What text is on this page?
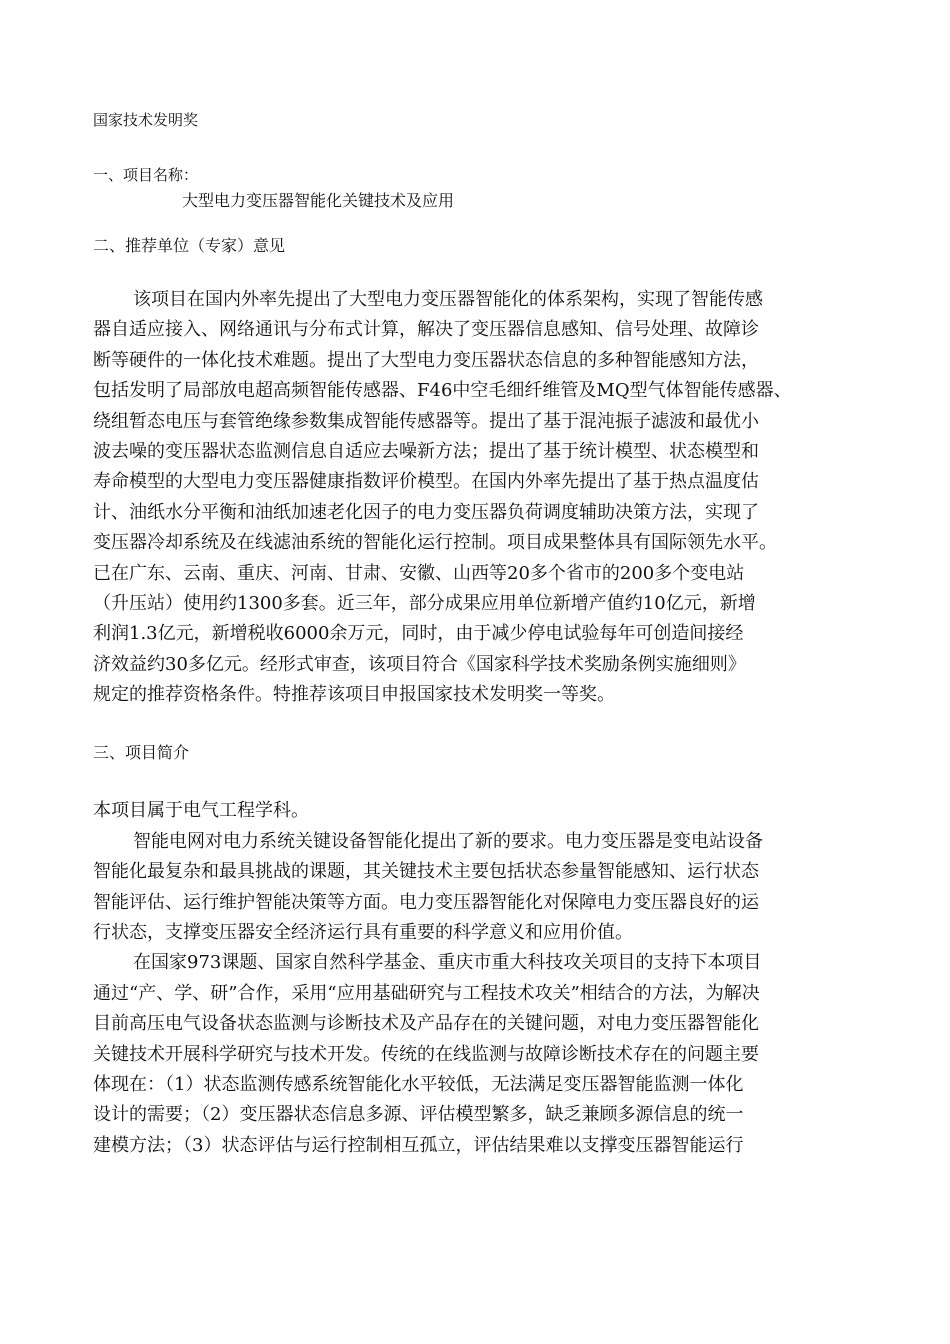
国家技术发明奖

一、项目名称：

大型电力变压器智能化关键技术及应用

二、推荐单位（专家）意见

该项目在国内外率先提出了大型电力变压器智能化的体系架构，实现了智能传感
器自适应接入、网络通讯与分布式计算，解决了变压器信息感知、信号处理、故障诊
断等硬件的一体化技术难题。提出了大型电力变压器状态信息的多种智能感知方法，
包括发明了局部放电超高频智能传感器、F46中空毛细纤维管及MQ型气体智能传感器、
绕组暂态电压与套管绝缘参数集成智能传感器等。提出了基于混沌振子滤波和最优小
波去噪的变压器状态监测信息自适应去噪新方法；提出了基于统计模型、状态模型和
寿命模型的大型电力变压器健康指数评价模型。在国内外率先提出了基于热点温度估
计、油纸水分平衡和油纸加速老化因子的电力变压器负荷调度辅助决策方法，实现了
变压器冷却系统及在线滤油系统的智能化运行控制。项目成果整体具有国际领先水平。
已在广东、云南、重庆、河南、甘肃、安徽、山西等20多个省市的200多个变电站
（升压站）使用约1300多套。近三年，部分成果应用单位新增产值约10亿元，新增
利润1.3亿元，新增税收6000余万元，同时，由于减少停电试验每年可创造间接经
济效益约30多亿元。经形式审查，该项目符合《国家科学技术奖励条例实施细则》
规定的推荐资格条件。特推荐该项目申报国家技术发明奖一等奖。

三、项目简介

本项目属于电气工程学科。
智能电网对电力系统关键设备智能化提出了新的要求。电力变压器是变电站设备
智能化最复杂和最具挑战的课题，其关键技术主要包括状态参量智能感知、运行状态
智能评估、运行维护智能决策等方面。电力变压器智能化对保障电力变压器良好的运
行状态，支撑变压器安全经济运行具有重要的科学意义和应用价值。
在国家973课题、国家自然科学基金、重庆市重大科技攻关项目的支持下本项目
通过“产、学、研”合作，采用“应用基础研究与工程技术攻关”相结合的方法，为解决
目前高压电气设备状态监测与诊断技术及产品存在的关键问题，对电力变压器智能化
关键技术开展科学研究与技术开发。传统的在线监测与故障诊断技术存在的问题主要
体现在：（1）状态监测传感系统智能化水平较低，无法满足变压器智能监测一体化
设计的需要；（2）变压器状态信息多源、评估模型繁多，缺乏兼顾多源信息的统一
建模方法；（3）状态评估与运行控制相互孤立，评估结果难以支撑变压器智能运行
